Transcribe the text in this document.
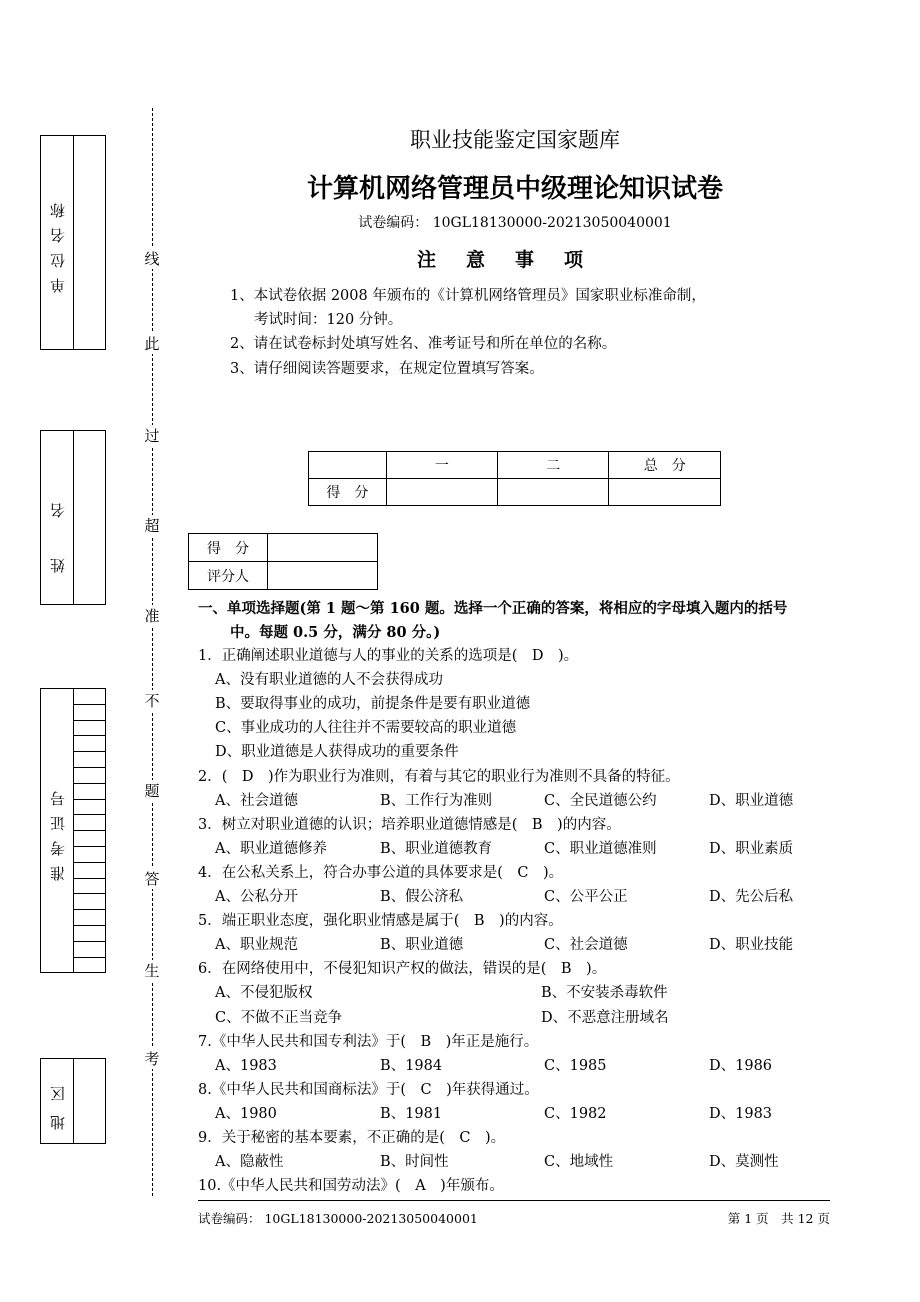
单位名称
姓名
准考证号
地区
线
此
过
超
准
不
题
答
生
考
职业技能鉴定国家题库
计算机网络管理员中级理论知识试卷
试卷编码： 10GL18130000-20213050040001
注意事项
1、本试卷依据 2008 年颁布的《计算机网络管理员》国家职业标准命制，
考试时间：120 分钟。
2、请在试卷标封处填写姓名、准考证号和所在单位的名称。
3、请仔细阅读答题要求，在规定位置填写答案。
	一	二	总　分
得　分			
得　分	
评分人	
一、单项选择题(第 1 题～第 160 题。选择一个正确的答案，将相应的字母填入题内的括号
中。每题 0.5 分，满分 80 分。)
1．正确阐述职业道德与人的事业的关系的选项是(　D　)。
A、没有职业道德的人不会获得成功
B、要取得事业的成功，前提条件是要有职业道德
C、事业成功的人往往并不需要较高的职业道德
D、职业道德是人获得成功的重要条件
2．(　D　)作为职业行为准则，有着与其它的职业行为准则不具备的特征。
A、社会道德	B、工作行为准则	C、全民道德公约	D、职业道德
3．树立对职业道德的认识；培养职业道德情感是(　B　)的内容。
A、职业道德修养	B、职业道德教育	C、职业道德准则	D、职业素质
4．在公私关系上，符合办事公道的具体要求是(　C　)。
A、公私分开	B、假公济私	C、公平公正	D、先公后私
5．端正职业态度，强化职业情感是属于(　B　)的内容。
A、职业规范	B、职业道德	C、社会道德	D、职业技能
6．在网络使用中，不侵犯知识产权的做法，错误的是(　B　)。
A、不侵犯版权	B、不安装杀毒软件
C、不做不正当竞争	D、不恶意注册域名
7.《中华人民共和国专利法》于(　B　)年正是施行。
A、1983	B、1984	C、1985	D、1986
8.《中华人民共和国商标法》于(　C　)年获得通过。
A、1980	B、1981	C、1982	D、1983
9．关于秘密的基本要素，不正确的是(　C　)。
A、隐蔽性	B、时间性	C、地域性	D、莫测性
10.《中华人民共和国劳动法》(　A　)年颁布。
试卷编码： 10GL18130000-20213050040001	第 1 页　共 12 页
